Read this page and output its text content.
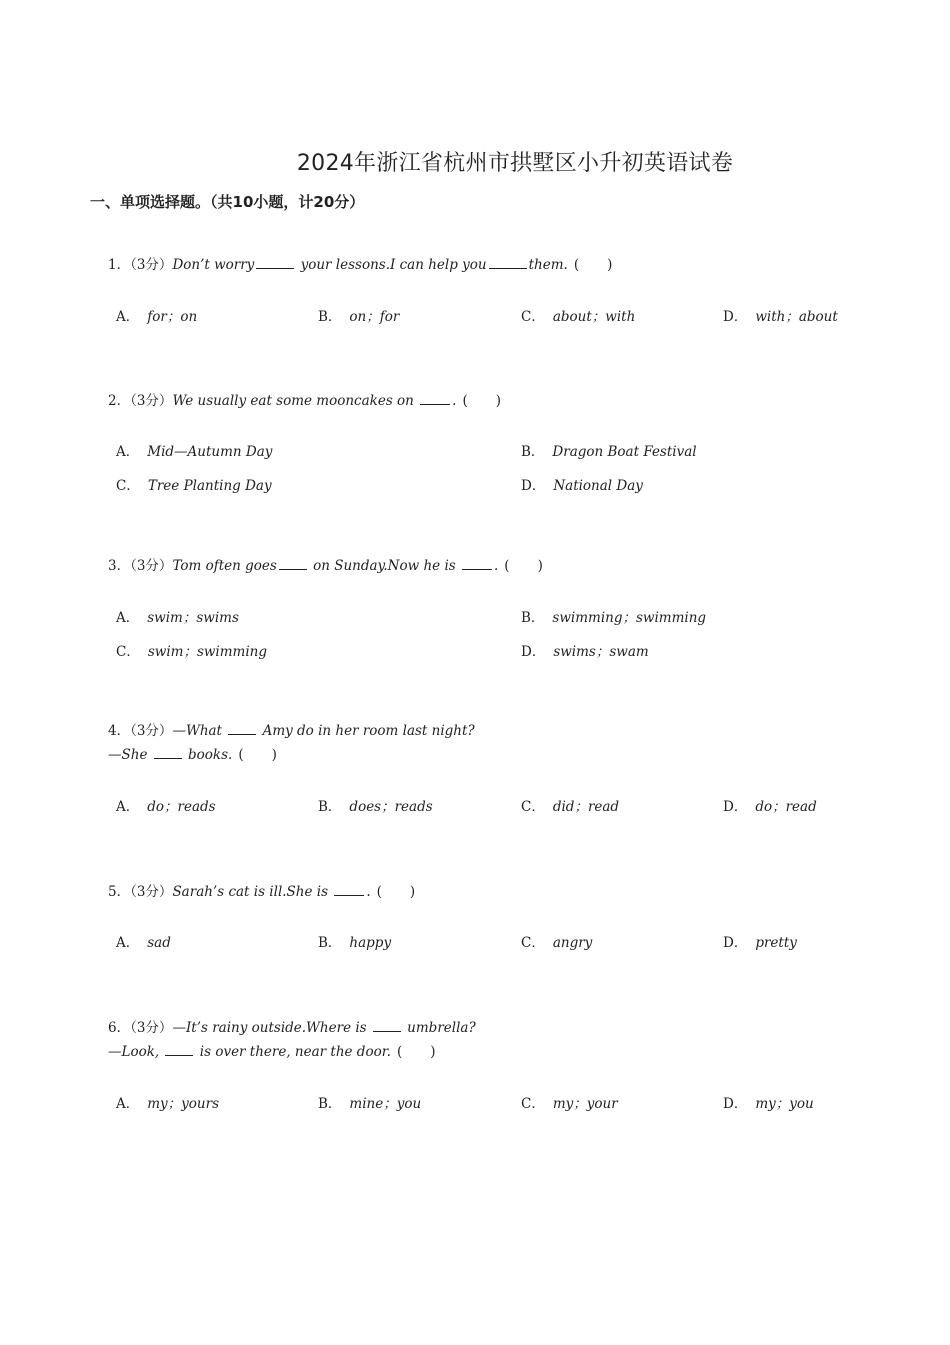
2024年浙江省杭州市拱墅区小升初英语试卷
一、单项选择题。（共10小题，计20分）
1．（3分）Don’t worry	your lessons.I can help you	them. ( )
A． for；on	B． on；for	C． about；with	D． with；about
2．（3分）We usually eat some mooncakes on	. ( )
A． Mid—Autumn Day	B． Dragon Boat Festival
C． Tree Planting Day	D． National Day
3．（3分）Tom often goes on Sunday.Now he is	. ( )
A． swim；swims	B． swimming；swimming
C． swim；swimming	D． swims；swam
4．（3分）—What  Amy do in her room last night?
—She  books. ( )
A． do；reads	B． does；reads	C． did；read	D． do；read
5．（3分）Sarah’s cat is ill.She is	. ( )
A． sad	B． happy	C． angry	D． pretty
6．（3分）—It’s rainy outside.Where is  umbrella?
—Look,  is over there, near the door. ( )
A． my；yours	B． mine；you	C． my；your	D． my；you
